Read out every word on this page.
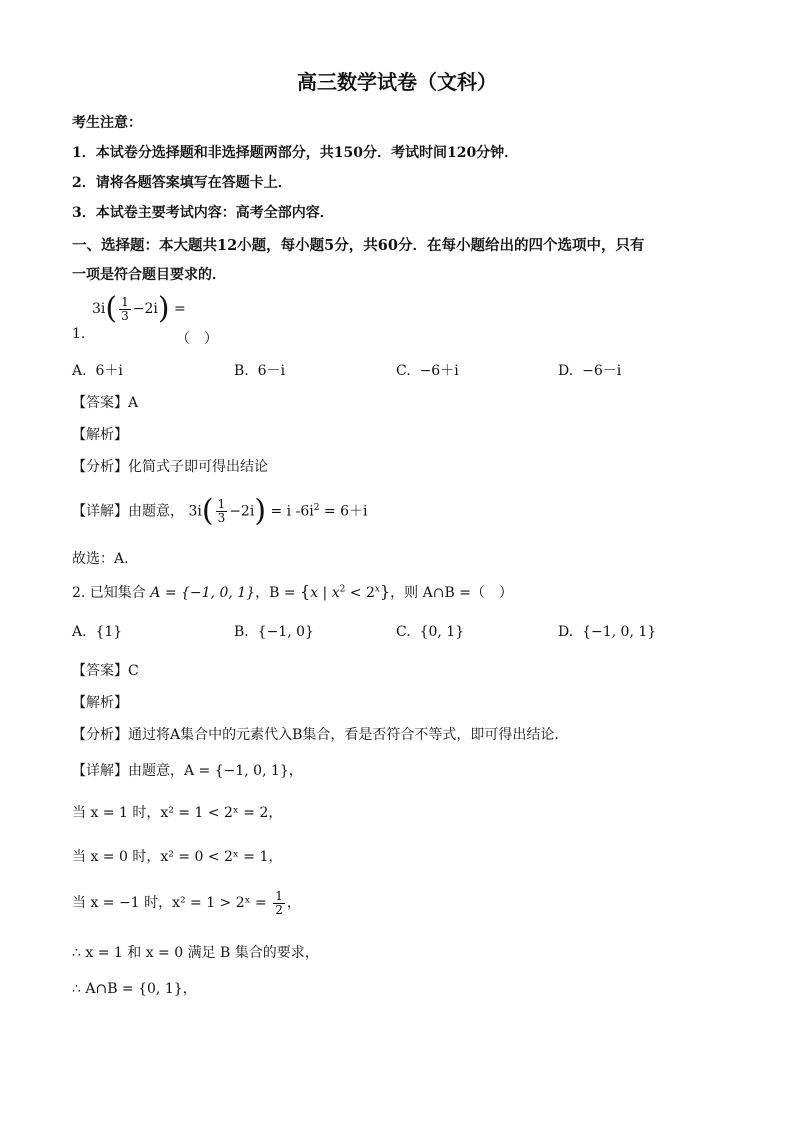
高三数学试卷（文科）
考生注意：
1．本试卷分选择题和非选择题两部分，共150分．考试时间120分钟．
2．请将各题答案填写在答题卡上．
3．本试卷主要考试内容：高考全部内容．
一、选择题：本大题共12小题，每小题5分，共60分．在每小题给出的四个选项中，只有
一项是符合题目要求的．
1.
$3i( \frac{1}{3} -2i)$ =
（　）
A. 6＋i	B. 6－i	C. −6＋i	D. −6－i
【答案】A
【解析】
【分析】化简式子即可得出结论
【详解】由题意， $3i( \frac{1}{3} -2i) = i$ $-6i^2 = 6+i$
故选：A.
2. 已知集合 A = {−1, 0, 1}，B = {x | $x^2 < 2^x$}，则 A∩B =（　）
A. {1}	B. {−1, 0}	C. {0, 1}	D. {−1, 0, 1}
【答案】C
【解析】
【分析】通过将A集合中的元素代入B集合，看是否符合不等式，即可得出结论.
【详解】由题意，A = {−1, 0, 1}，
当 x = 1 时，x² = 1 < 2ˣ = 2，
当 x = 0 时，x² = 0 < 2ˣ = 1，
当 x = −1 时，x² = 1 > 2ˣ = $\frac{1}{2}$ ，
∴ x = 1 和 x = 0 满足 B 集合的要求，
∴ A∩B = {0, 1}，
